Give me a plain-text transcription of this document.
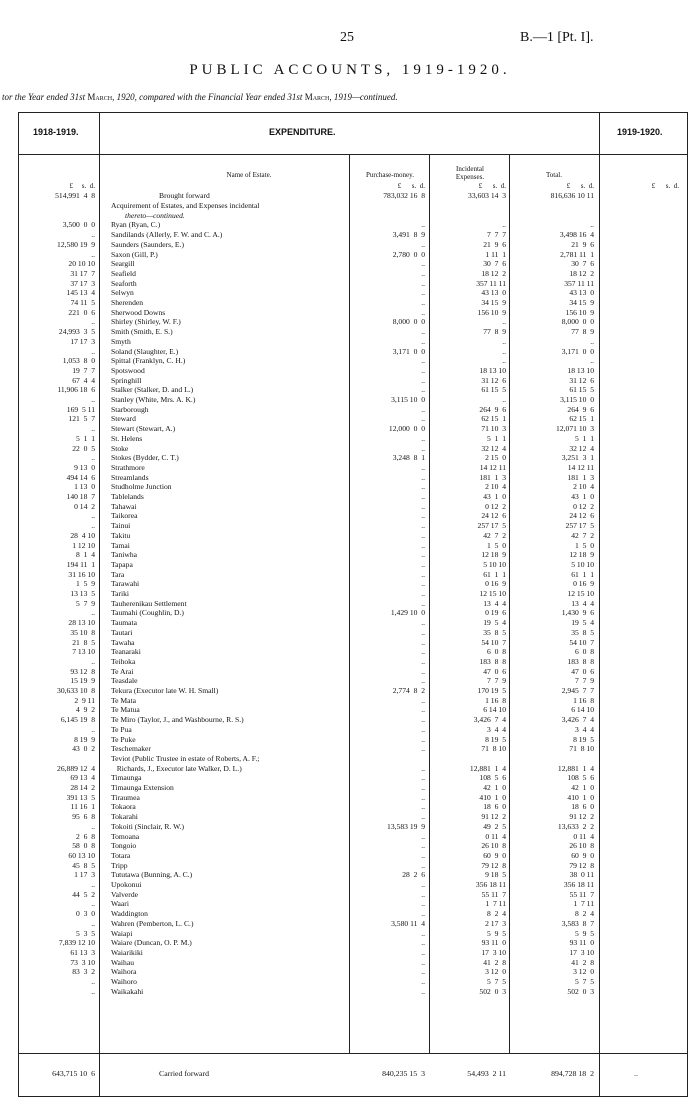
25	B.—1 [Pt. I].
PUBLIC ACCOUNTS, 1919-1920.
tor the Year ended 31st March, 1920, compared with the Financial Year ended 31st March, 1919—continued.
1918-1919.	EXPENDITURE.	1919-1920.
Name of Estate.	Purchase-money.
Incidental Expenses.	Total.
£     s.  d.	£      s.  d.	£      s.  d.	£      s.  d.	£      s.  d.
514,991  4  8	Brought forward	783,032 16  8	33,603 14  3	816,636 10 11
Acquirement of Estates, and Expenses incidental
thereto—continued.
3,500  0  0 Ryan (Ryan, C.)	..	..	..
.. Sandilands (Allerly, F. W. and C. A.)	3,491  8  9	7  7  7	3,498 16  4
12,580 19  9 Saunders (Saunders, E.)	..	21  9  6	21  9  6
.. Saxon (Gill, P.)	2,780  0  0	1 11  1	2,781 11  1
20 10 10 Seargill	..	30  7  6	30  7  6
31 17  7 Seafield	..	18 12  2	18 12  2
37 17  3 Seaforth	..	357 11 11	357 11 11
145 13  4 Selwyn	..	43 13  0	43 13  0
74 11  5 Sherenden	..	34 15  9	34 15  9
221  0  6 Sherwood Downs	..	156 10  9	156 10  9
.. Shirley (Shirley, W. F.)	8,000  0  0	..	8,000  0  0
24,993  3  5 Smith (Smith, E. S.)	..	77  8  9	77  8  9
17 17  3 Smyth	..	..	..
.. Soland (Slaughter, E.)	3,171  0  0	..	3,171  0  0
1,053  8  0 Spittal (Franklyn, C. H.)	..	..	..
19  7  7 Spotswood	..	18 13 10	18 13 10
67  4  4 Springhill	..	31 12  6	31 12  6
11,906 18  6 Stalker (Stalker, D. and L.)	..	61 15  5	61 15  5
.. Stanley (White, Mrs. A. K.)	3,115 10  0	..	3,115 10  0
169  5 11 Starborough	..	264  9  6	264  9  6
121  5  7 Steward	..	62 15  1	62 15  1
.. Stewart (Stewart, A.)	12,000  0  0	71 10  3	12,071 10  3
5  1  1 St. Helens	..	5  1  1	5  1  1
22  0  5 Stoke	..	32 12  4	32 12  4
.. Stokes (Bydder, C. T.)	3,248  8  1	2 15  0	3,251  3  1
9 13  0 Strathmore	..	14 12 11	14 12 11
494 14  6 Streamlands	..	181  1  3	181  1  3
1 13  0 Studholme Junction	..	2 10  4	2 10  4
140 18  7 Tablelands	..	43  1  0	43  1  0
0 14  2 Tahawai	..	0 12  2	0 12  2
.. Taikorea	..	24 12  6	24 12  6
.. Tainui	..	257 17  5	257 17  5
28  4 10 Takitu	..	42  7  2	42  7  2
1 12 10 Tamai	..	1  5  0	1  5  0
8  1  4 Taniwha	..	12 18  9	12 18  9
194 11  1 Tapapa	..	5 10 10	5 10 10
31 16 10 Tara	..	61  1  1	61  1  1
1  5  9 Tarawahi	..	0 16  9	0 16  9
13 13  5 Tariki	..	12 15 10	12 15 10
5  7  9 Tauherenikau Settlement	..	13  4  4	13  4  4
.. Taumahi (Coughlin, D.)	1,429 10  0	0 19  6	1,430  9  6
28 13 10 Taumata	..	19  5  4	19  5  4
35 10  8 Tautari	..	35  8  5	35  8  5
21  8  5 Tawaha	..	54 10  7	54 10  7
7 13 10 Teanaraki	..	6  0  8	6  0  8
.. Teihoka	..	183  8  8	183  8  8
93 12  8 Te Arai	..	47  0  6	47  0  6
15 19  9 Teasdale	..	7  7  9	7  7  9
30,633 10  8 Tekura (Executor late W. H. Small)	2,774  8  2	170 19  5	2,945  7  7
2  9 11 Te Mata	..	1 16  8	1 16  8
4  9  2 Te Matua	..	6 14 10	6 14 10
6,145 19  8 Te Miro (Taylor, J., and Washbourne, R. S.)	..	3,426  7  4	3,426  7  4
.. Te Pua	..	3  4  4	3  4  4
8 19  9 Te Puke	..	8 19  5	8 19  5
43  0  2 Teschemaker	..	71  8 10	71  8 10
Teviot (Public Trustee in estate of Roberts, A. F.;
26,889 12  4 Richards, J., Executor late Walker, D. L.)	..	12,881  1  4	12,881  1  4
69 13  4 Timaunga	..	108  5  6	108  5  6
28 14  2 Timaunga Extension	..	42  1  0	42  1  0
391 13  5 Tiraumea	..	410  1  0	410  1  0
11 16  1 Tokaora	..	18  6  0	18  6  0
95  6  8 Tokarahi	..	91 12  2	91 12  2
.. Tokoiti (Sinclair, R. W.)	13,583 19  9	49  2  5	13,633  2  2
2  6  8 Tomoana	..	0 11  4	0 11  4
58  0  8 Tongoio	..	26 10  8	26 10  8
60 13 10 Totara	..	60  9  0	60  9  0
45  8  5 Tripp	..	79 12  8	79 12  8
1 17  3 Tututawa (Bunning, A. C.)	28  2  6	9 18  5	38  0 11
.. Upokonui	..	356 18 11	356 18 11
44  5  2 Valverde	..	55 11  7	55 11  7
.. Waari	..	1  7 11	1  7 11
0  3  0 Waddington	..	8  2  4	8  2  4
.. Wahren (Pemberton, L. C.)	3,580 11  4	2 17  3	3,583  8  7
5  3  5 Waiapi	..	5  9  5	5  9  5
7,839 12 10 Waiare (Duncan, O. P. M.)	..	93 11  0	93 11  0
61 13  3 Waiarikiki	..	17  3 10	17  3 10
73  3 10 Waihau	..	41  2  8	41  2  8
83  3  2 Waihora	..	3 12  0	3 12  0
.. Waihoro	..	5  7  5	5  7  5
.. Waikakahi	..	502  0  3	502  0  3
643,715 10  6	Carried forward	840,235 15  3	54,493  2 11	894,728 18  2	..
